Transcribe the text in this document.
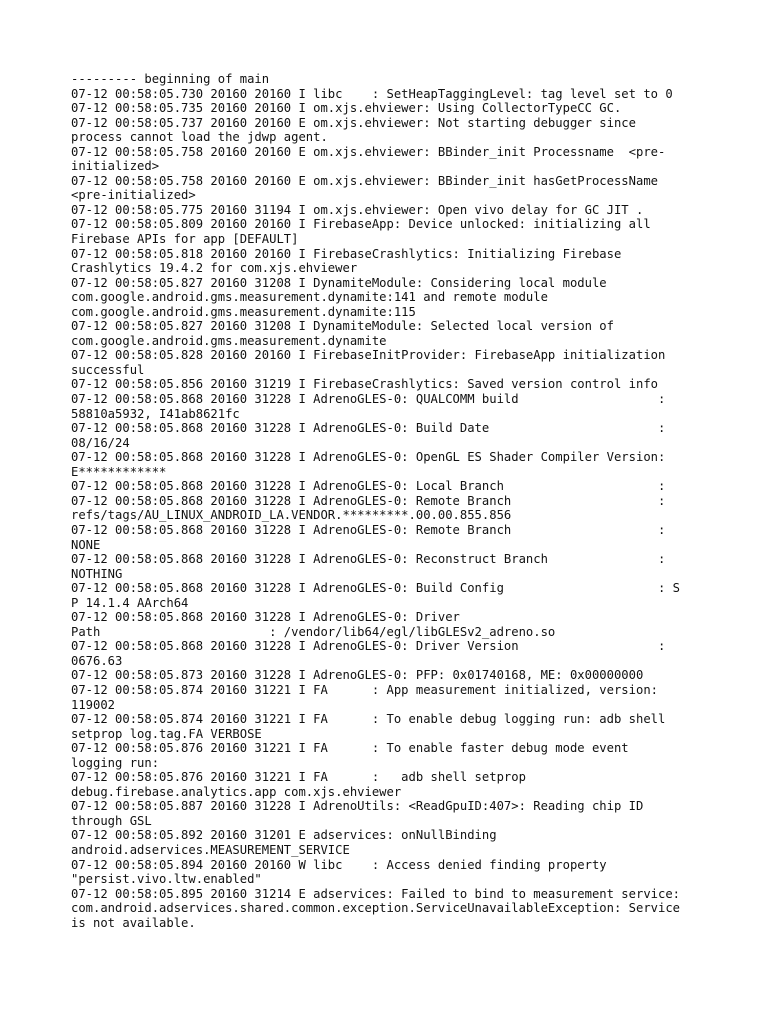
--------- beginning of main
07-12 00:58:05.730 20160 20160 I libc    : SetHeapTaggingLevel: tag level set to 0
07-12 00:58:05.735 20160 20160 I om.xjs.ehviewer: Using CollectorTypeCC GC.
07-12 00:58:05.737 20160 20160 E om.xjs.ehviewer: Not starting debugger since
process cannot load the jdwp agent.
07-12 00:58:05.758 20160 20160 E om.xjs.ehviewer: BBinder_init Processname  <pre-
initialized>
07-12 00:58:05.758 20160 20160 E om.xjs.ehviewer: BBinder_init hasGetProcessName
<pre-initialized>
07-12 00:58:05.775 20160 31194 I om.xjs.ehviewer: Open vivo delay for GC JIT .
07-12 00:58:05.809 20160 20160 I FirebaseApp: Device unlocked: initializing all
Firebase APIs for app [DEFAULT]
07-12 00:58:05.818 20160 20160 I FirebaseCrashlytics: Initializing Firebase
Crashlytics 19.4.2 for com.xjs.ehviewer
07-12 00:58:05.827 20160 31208 I DynamiteModule: Considering local module
com.google.android.gms.measurement.dynamite:141 and remote module
com.google.android.gms.measurement.dynamite:115
07-12 00:58:05.827 20160 31208 I DynamiteModule: Selected local version of
com.google.android.gms.measurement.dynamite
07-12 00:58:05.828 20160 20160 I FirebaseInitProvider: FirebaseApp initialization
successful
07-12 00:58:05.856 20160 31219 I FirebaseCrashlytics: Saved version control info
07-12 00:58:05.868 20160 31228 I AdrenoGLES-0: QUALCOMM build                   :
58810a5932, I41ab8621fc
07-12 00:58:05.868 20160 31228 I AdrenoGLES-0: Build Date                       :
08/16/24
07-12 00:58:05.868 20160 31228 I AdrenoGLES-0: OpenGL ES Shader Compiler Version:
E************
07-12 00:58:05.868 20160 31228 I AdrenoGLES-0: Local Branch                     :
07-12 00:58:05.868 20160 31228 I AdrenoGLES-0: Remote Branch                    :
refs/tags/AU_LINUX_ANDROID_LA.VENDOR.*********.00.00.855.856
07-12 00:58:05.868 20160 31228 I AdrenoGLES-0: Remote Branch                    :
NONE
07-12 00:58:05.868 20160 31228 I AdrenoGLES-0: Reconstruct Branch               :
NOTHING
07-12 00:58:05.868 20160 31228 I AdrenoGLES-0: Build Config                     : S
P 14.1.4 AArch64
07-12 00:58:05.868 20160 31228 I AdrenoGLES-0: Driver
Path                       : /vendor/lib64/egl/libGLESv2_adreno.so
07-12 00:58:05.868 20160 31228 I AdrenoGLES-0: Driver Version                   :
0676.63
07-12 00:58:05.873 20160 31228 I AdrenoGLES-0: PFP: 0x01740168, ME: 0x00000000
07-12 00:58:05.874 20160 31221 I FA      : App measurement initialized, version:
119002
07-12 00:58:05.874 20160 31221 I FA      : To enable debug logging run: adb shell
setprop log.tag.FA VERBOSE
07-12 00:58:05.876 20160 31221 I FA      : To enable faster debug mode event
logging run:
07-12 00:58:05.876 20160 31221 I FA      :   adb shell setprop
debug.firebase.analytics.app com.xjs.ehviewer
07-12 00:58:05.887 20160 31228 I AdrenoUtils: <ReadGpuID:407>: Reading chip ID
through GSL
07-12 00:58:05.892 20160 31201 E adservices: onNullBinding
android.adservices.MEASUREMENT_SERVICE
07-12 00:58:05.894 20160 20160 W libc    : Access denied finding property
"persist.vivo.ltw.enabled"
07-12 00:58:05.895 20160 31214 E adservices: Failed to bind to measurement service:
com.android.adservices.shared.common.exception.ServiceUnavailableException: Service
is not available.
